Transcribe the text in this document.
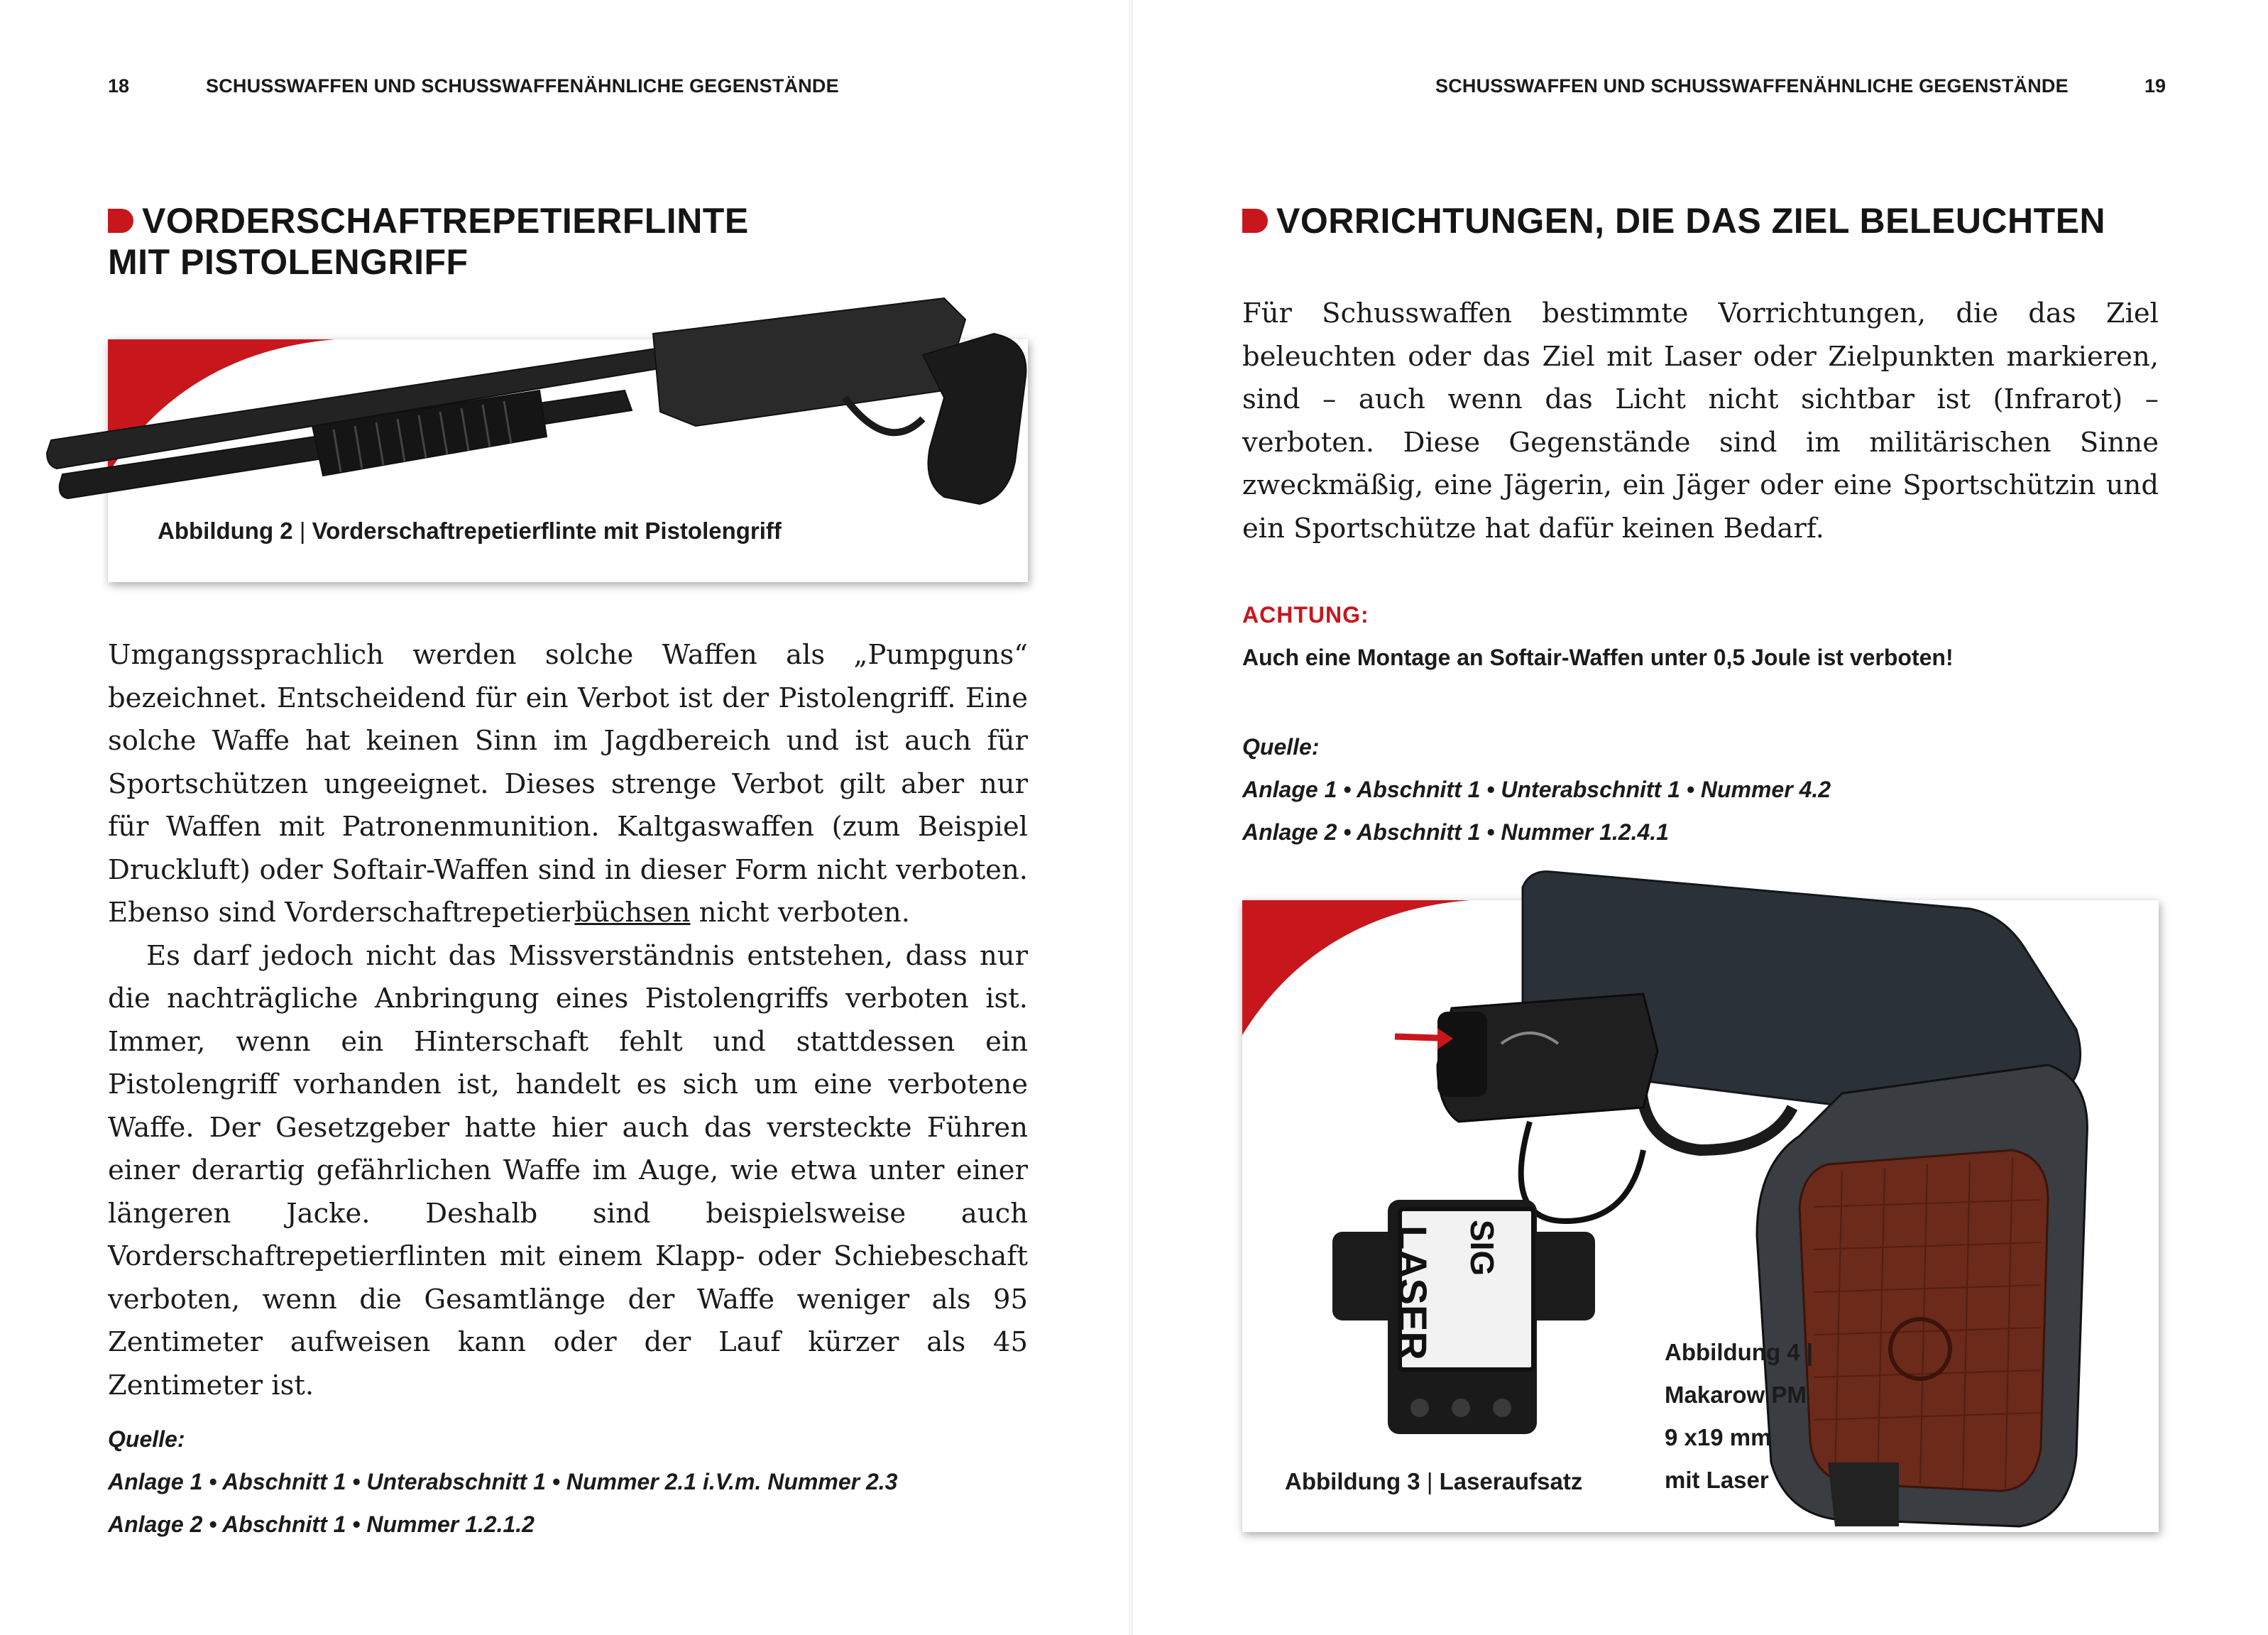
18	SCHUSSWAFFEN UND SCHUSSWAFFENÄHNLICHE GEGENSTÄNDE
VORDERSCHAFTREPETIERFLINTE
MIT PISTOLENGRIFF
Abbildung 2 | Vorderschaftrepetierflinte mit Pistolengriff

Umgangssprachlich werden solche Waffen als „Pumpguns“ bezeichnet. Entscheidend für ein Verbot ist der Pistolengriff. Eine solche Waffe hat keinen Sinn im Jagdbereich und ist auch für Sportschützen ungeeignet. Dieses strenge Verbot gilt aber nur für Waffen mit Patronenmunition. Kaltgaswaffen (zum Beispiel Druckluft) oder Softair-Waffen sind in dieser Form nicht verboten. Ebenso sind Vorderschaftrepetierbüchsen nicht verboten.

Es darf jedoch nicht das Missverständnis entstehen, dass nur die nachträgliche Anbringung eines Pistolengriffs verboten ist. Immer, wenn ein Hinterschaft fehlt und stattdessen ein Pistolengriff vorhanden ist, handelt es sich um eine verbotene Waffe. Der Gesetzgeber hatte hier auch das versteckte Führen einer derartig gefährlichen Waffe im Auge, wie etwa unter einer längeren Jacke. Deshalb sind beispielsweise auch Vorderschaftrepetierflinten mit einem Klapp- oder Schiebeschaft verboten, wenn die Gesamtlänge der Waffe weniger als 95 Zentimeter aufweisen kann oder der Lauf kürzer als 45 Zentimeter ist.

Quelle:
Anlage 1 • Abschnitt 1 • Unterabschnitt 1 • Nummer 2.1 i.V.m. Nummer 2.3
Anlage 2 • Abschnitt 1 • Nummer 1.2.1.2
SCHUSSWAFFEN UND SCHUSSWAFFENÄHNLICHE GEGENSTÄNDE	19
VORRICHTUNGEN, DIE DAS ZIEL BELEUCHTEN

Für Schusswaffen bestimmte Vorrichtungen, die das Ziel beleuchten oder das Ziel mit Laser oder Zielpunkten markieren, sind – auch wenn das Licht nicht sichtbar ist (Infrarot) – verboten. Diese Gegenstände sind im militärischen Sinne zweckmäßig, eine Jägerin, ein Jäger oder eine Sportschützin und ein Sportschütze hat dafür keinen Bedarf.

ACHTUNG:
Auch eine Montage an Softair-Waffen unter 0,5 Joule ist verboten!
Quelle:
Anlage 1 • Abschnitt 1 • Unterabschnitt 1 • Nummer 4.2
Anlage 2 • Abschnitt 1 • Nummer 1.2.4.1
LASER SIG
Abbildung 3 | Laseraufsatz
Abbildung 4 |
Makarow PM
9 x19 mm
mit Laser
